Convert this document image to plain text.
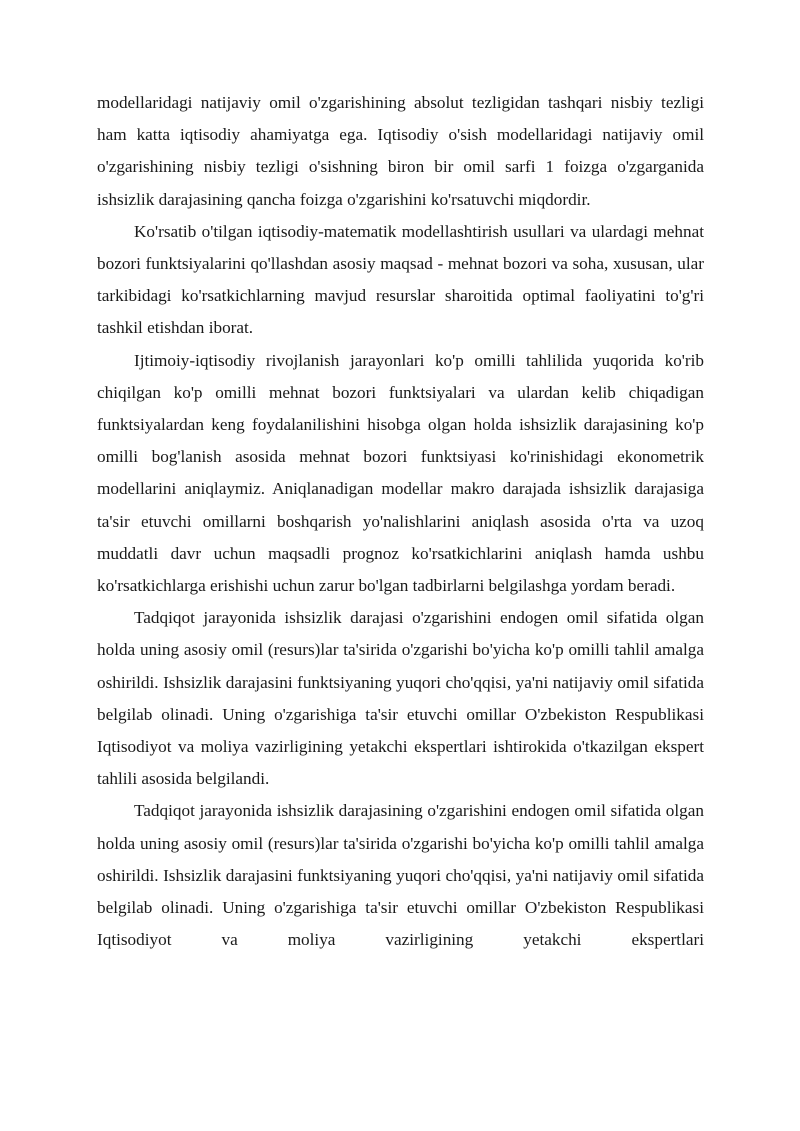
modellaridagi natijaviy omil o'zgarishining absolut tezligidan tashqari nisbiy tezligi ham katta iqtisodiy ahamiyatga ega. Iqtisodiy o'sish modellaridagi natijaviy omil o'zgarishining nisbiy tezligi o'sishning biron bir omil sarfi 1 foizga o'zgarganida ishsizlik darajasining qancha foizga o'zgarishini ko'rsatuvchi miqdordir.

Ko'rsatib o'tilgan iqtisodiy-matematik modellashtirish usullari va ulardagi mehnat bozori funktsiyalarini qo'llashdan asosiy maqsad - mehnat bozori va soha, xususan, ular tarkibidagi ko'rsatkichlarning mavjud resurslar sharoitida optimal faoliyatini to'g'ri tashkil etishdan iborat.

Ijtimoiy-iqtisodiy rivojlanish jarayonlari ko'p omilli tahlilida yuqorida ko'rib chiqilgan ko'p omilli mehnat bozori funktsiyalari va ulardan kelib chiqadigan funktsiyalardan keng foydalanilishini hisobga olgan holda ishsizlik darajasining ko'p omilli bog'lanish asosida mehnat bozori funktsiyasi ko'rinishidagi ekonometrik modellarini aniqlaymiz. Aniqlanadigan modellar makro darajada ishsizlik darajasiga ta'sir etuvchi omillarni boshqarish yo'nalishlarini aniqlash asosida o'rta va uzoq muddatli davr uchun maqsadli prognoz ko'rsatkichlarini aniqlash hamda ushbu ko'rsatkichlarga erishishi uchun zarur bo'lgan tadbirlarni belgilashga yordam beradi.

Tadqiqot jarayonida ishsizlik darajasi o'zgarishini endogen omil sifatida olgan holda uning asosiy omil (resurs)lar ta'sirida o'zgarishi bo'yicha ko'p omilli tahlil amalga oshirildi. Ishsizlik darajasini funktsiyaning yuqori cho'qqisi, ya'ni natijaviy omil sifatida belgilab olinadi. Uning o'zgarishiga ta'sir etuvchi omillar O'zbekiston Respublikasi Iqtisodiyot va moliya vazirligining yetakchi ekspertlari ishtirokida o'tkazilgan ekspert tahlili asosida belgilandi.

Tadqiqot jarayonida ishsizlik darajasining o'zgarishini endogen omil sifatida olgan holda uning asosiy omil (resurs)lar ta'sirida o'zgarishi bo'yicha ko'p omilli tahlil amalga oshirildi. Ishsizlik darajasini funktsiyaning yuqori cho'qqisi, ya'ni natijaviy omil sifatida belgilab olinadi. Uning o'zgarishiga ta'sir etuvchi omillar O'zbekiston Respublikasi Iqtisodiyot va moliya vazirligining yetakchi ekspertlari
